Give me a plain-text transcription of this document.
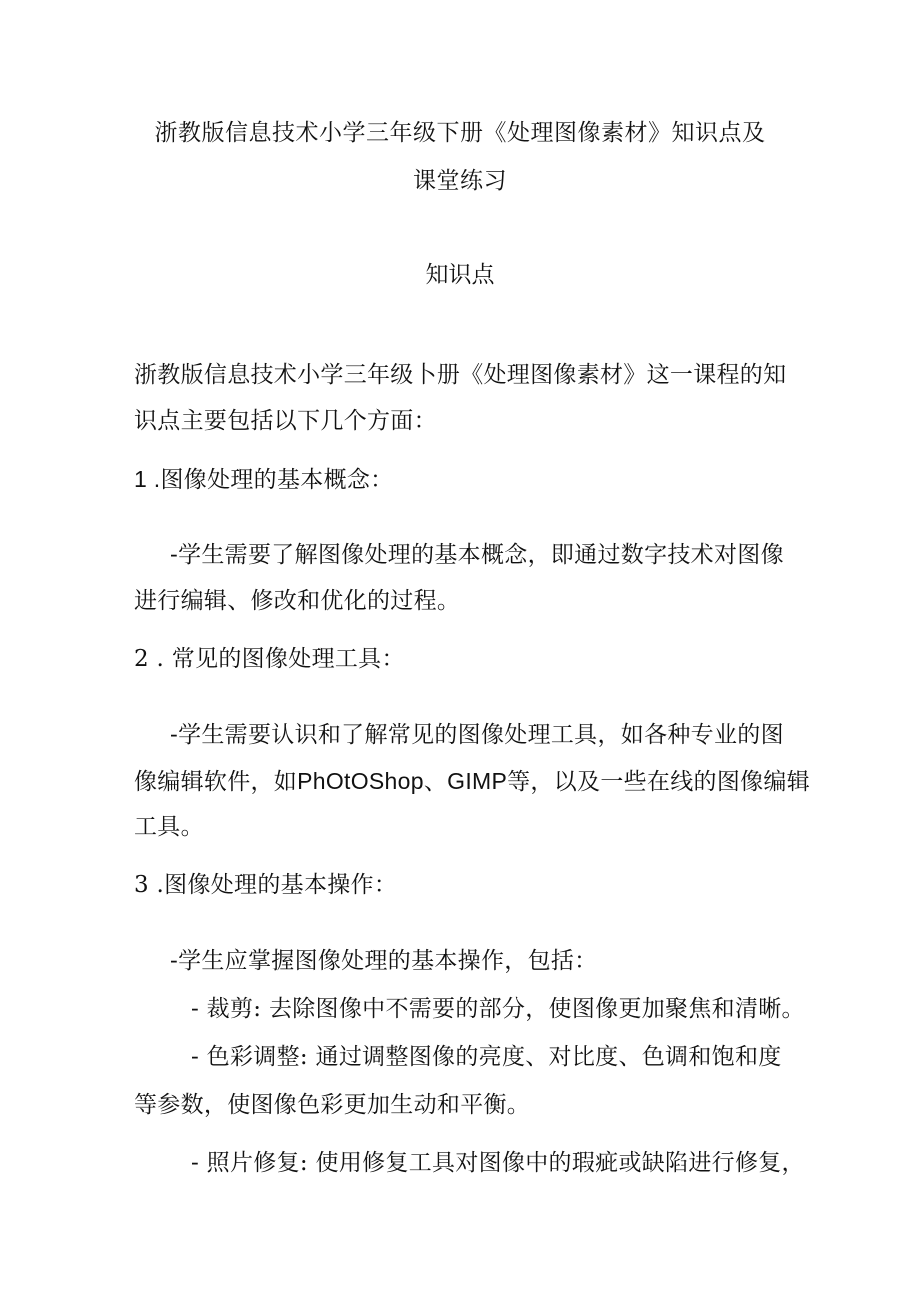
浙教版信息技术小学三年级下册《处理图像素材》知识点及
课堂练习
知识点
浙教版信息技术小学三年级卜册《处理图像素材》这一课程的知
识点主要包括以下几个方面：
1 .图像处理的基本概念：
-学生需要了解图像处理的基本概念，即通过数字技术对图像
进行编辑、修改和优化的过程。
2 . 常见的图像处理工具：
-学生需要认识和了解常见的图像处理工具，如各种专业的图
像编辑软件，如PhOtOShop、GIMP等，以及一些在线的图像编辑
工具。
3 .图像处理的基本操作：
-学生应掌握图像处理的基本操作，包括：
- 裁剪: 去除图像中不需要的部分，使图像更加聚焦和清晰。
- 色彩调整: 通过调整图像的亮度、对比度、色调和饱和度
等参数，使图像色彩更加生动和平衡。
- 照片修复: 使用修复工具对图像中的瑕疵或缺陷进行修复，
